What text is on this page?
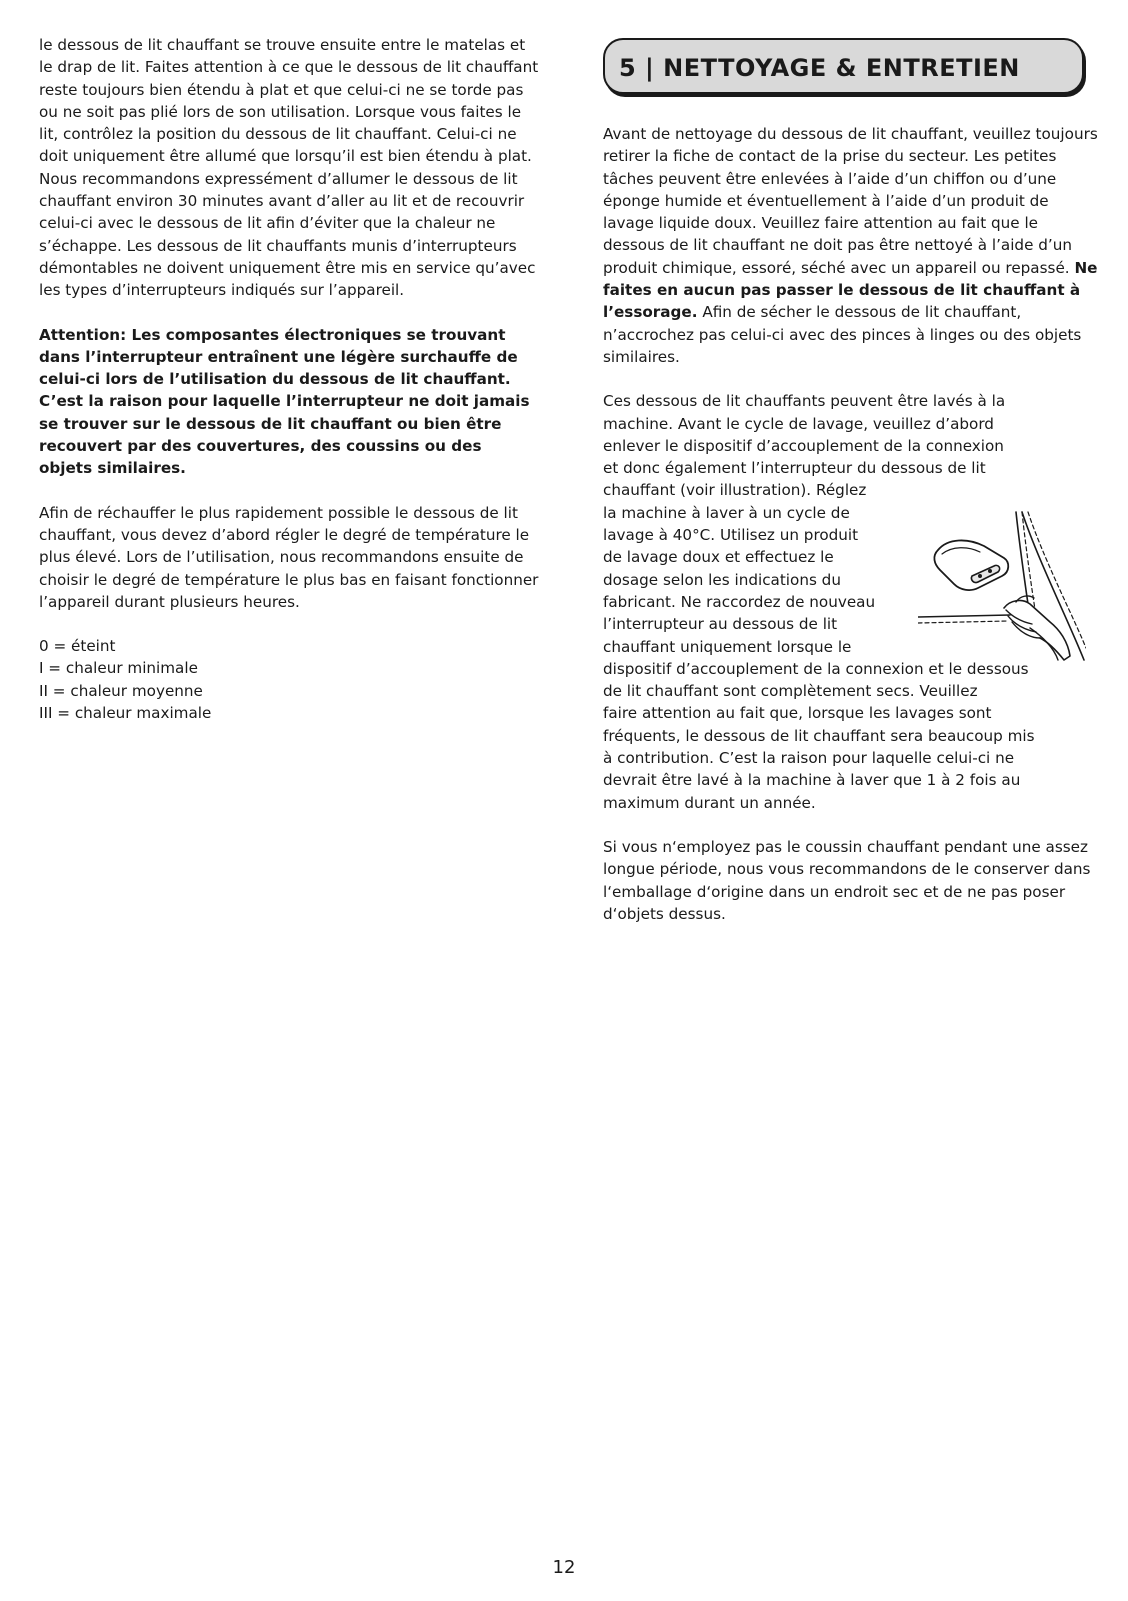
le dessous de lit chauffant se trouve ensuite entre le matelas et le drap de lit. Faites attention à ce que le dessous de lit chauffant reste toujours bien étendu à plat et que celui-ci ne se torde pas ou ne soit pas plié lors de son utilisation. Lorsque vous faites le lit, contrôlez la position du dessous de lit chauffant. Celui-ci ne doit uniquement être allumé que lorsqu’il est bien étendu à plat. Nous recommandons expressément d’allumer le dessous de lit chauffant environ 30 minutes avant d’aller au lit et de recouvrir celui-ci avec le dessous de lit afin d’éviter que la chaleur ne s’échappe. Les dessous de lit chauffants munis d’interrupteurs démontables ne doivent uniquement être mis en service qu’avec les types d’interrupteurs indiqués sur l’appareil.

Attention: Les composantes électroniques se trouvant dans l’interrupteur entraînent une légère surchauffe de celui-ci lors de l’utilisation du dessous de lit chauffant. C’est la raison pour laquelle l’interrupteur ne doit jamais se trouver sur le dessous de lit chauffant ou bien être recouvert par des couvertures, des coussins ou des objets similaires.

Afin de réchauffer le plus rapidement possible le dessous de lit chauffant, vous devez d’abord régler le degré de température le plus élevé. Lors de l’utilisation, nous recommandons ensuite de choisir le degré de température le plus bas en faisant fonctionner l’appareil durant plusieurs heures.

0 = éteint
I = chaleur minimale
II = chaleur moyenne
III = chaleur maximale
5 | NETTOYAGE & ENTRETIEN

Avant de nettoyage du dessous de lit chauffant, veuillez toujours retirer la fiche de contact de la prise du secteur. Les petites tâches peuvent être enlevées à l’aide d’un chiffon ou d’une éponge humide et éventuellement à l’aide d’un produit de lavage liquide doux. Veuillez faire attention au fait que le dessous de lit chauffant ne doit pas être nettoyé à l’aide d’un produit chimique, essoré, séché avec un appareil ou repassé. Ne faites en aucun pas passer le dessous de lit chauffant à l’essorage. Afin de sécher le dessous de lit chauffant, n’accrochez pas celui-ci avec des pinces à linges ou des objets similaires.

Ces dessous de lit chauffants peuvent être lavés à la
machine. Avant le cycle de lavage, veuillez d’abord
enlever le dispositif d’accouplement de la connexion
et donc également l’interrupteur du dessous de lit
chauffant (voir illustration). Réglez
la machine à laver à un cycle de
lavage à 40°C. Utilisez un produit
de lavage doux et effectuez le
dosage selon les indications du
fabricant. Ne raccordez de nouveau
l’interrupteur au dessous de lit
chauffant uniquement lorsque le
dispositif d’accouplement de la connexion et le dessous
de lit chauffant sont complètement secs. Veuillez
faire attention au fait que, lorsque les lavages sont
fréquents, le dessous de lit chauffant sera beaucoup mis
à contribution. C’est la raison pour laquelle celui-ci ne
devrait être lavé à la machine à laver que 1 à 2 fois au
maximum durant un année.

Si vous n‘employez pas le coussin chauffant pendant une assez longue période, nous vous recommandons de le conserver dans l‘emballage d‘origine dans un endroit sec et de ne pas poser d‘objets dessus.

12
